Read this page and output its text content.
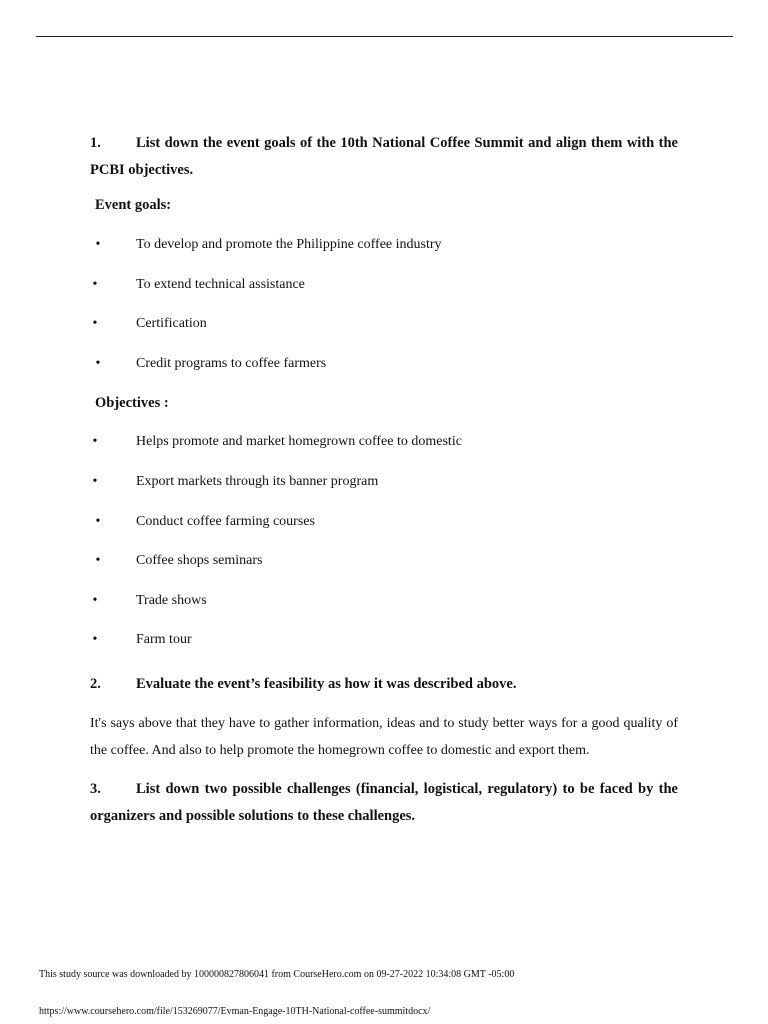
1. List down the event goals of the 10th National Coffee Summit and align them with the PCBI objectives.

Event goals:

•	To develop and promote the Philippine coffee industry
•	To extend technical assistance
•	Certification
•	Credit programs to coffee farmers

Objectives :

•	Helps promote and market homegrown coffee to domestic
•	Export markets through its banner program
•	Conduct coffee farming courses
•	Coffee shops seminars
•	Trade shows
•	Farm tour

2. Evaluate the event’s feasibility as how it was described above.

It's says above that they have to gather information, ideas and to study better ways for a good quality of the coffee. And also to help promote the homegrown coffee to domestic and export them.

3. List down two possible challenges (financial, logistical, regulatory) to be faced by the organizers and possible solutions to these challenges.

This study source was downloaded by 100000827806041 from CourseHero.com on 09-27-2022 10:34:08 GMT -05:00
https://www.coursehero.com/file/153269077/Evman-Engage-10TH-National-coffee-summitdocx/
